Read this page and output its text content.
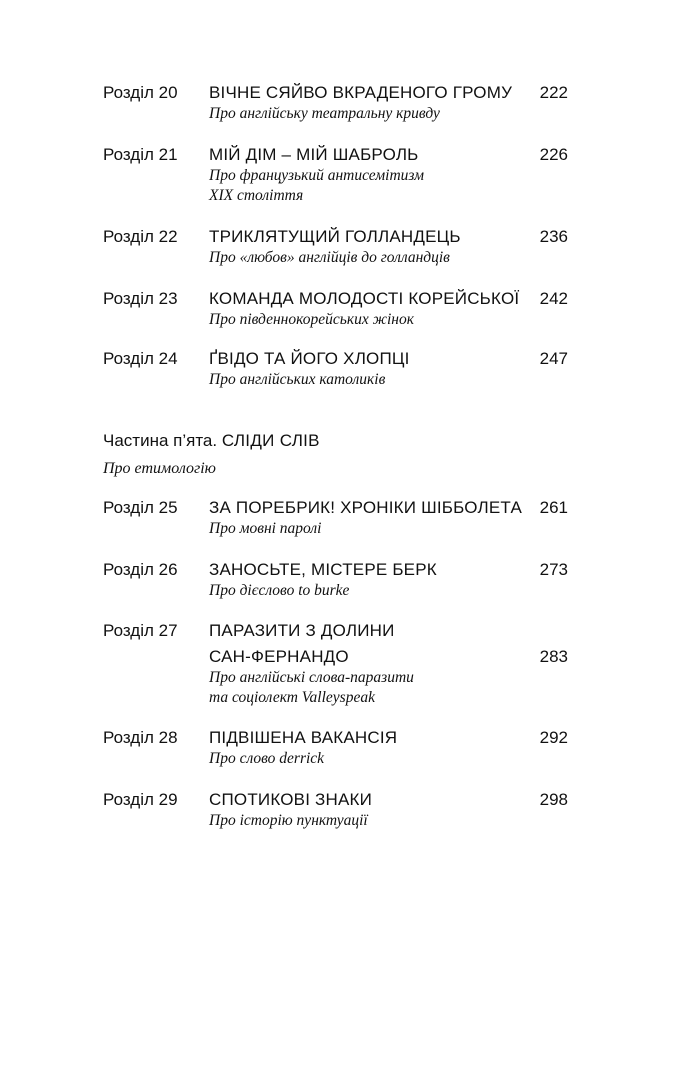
Розділ 20 ВІЧНЕ СЯЙВО ВКРАДЕНОГО ГРОМУ
Про англійську театральну кривду
222
Розділ 21 МІЙ ДІМ – МІЙ ШАБРОЛЬ
Про французький антисемітизм
XIX століття
226
Розділ 22 ТРИКЛЯТУЩИЙ ГОЛЛАНДЕЦЬ
Про «любов» англійців до голландців
236
Розділ 23 КОМАНДА МОЛОДОСТІ КОРЕЙСЬКОЇ
Про південнокорейських жінок
242
Розділ 24 ҐВІДО ТА ЙОГО ХЛОПЦІ
Про англійських католиків
247
Частина п’ята. СЛІДИ СЛІВ
Про етимологію
Розділ 25 ЗА ПОРЕБРИК! ХРОНІКИ ШІББОЛЕТА
Про мовні паролі
261
Розділ 26 ЗАНОСЬТЕ, МІСТЕРЕ БЕРК
Про дієслово to burke
273
Розділ 27 ПАРАЗИТИ З ДОЛИНИ
САН-ФЕРНАНДО
Про англійські слова-паразити
та соціолект Valleyspeak
283
Розділ 28 ПІДВІШЕНА ВАКАНСІЯ
Про слово derrick
292
Розділ 29 СПОТИКОВІ ЗНАКИ
Про історію пунктуації
298
